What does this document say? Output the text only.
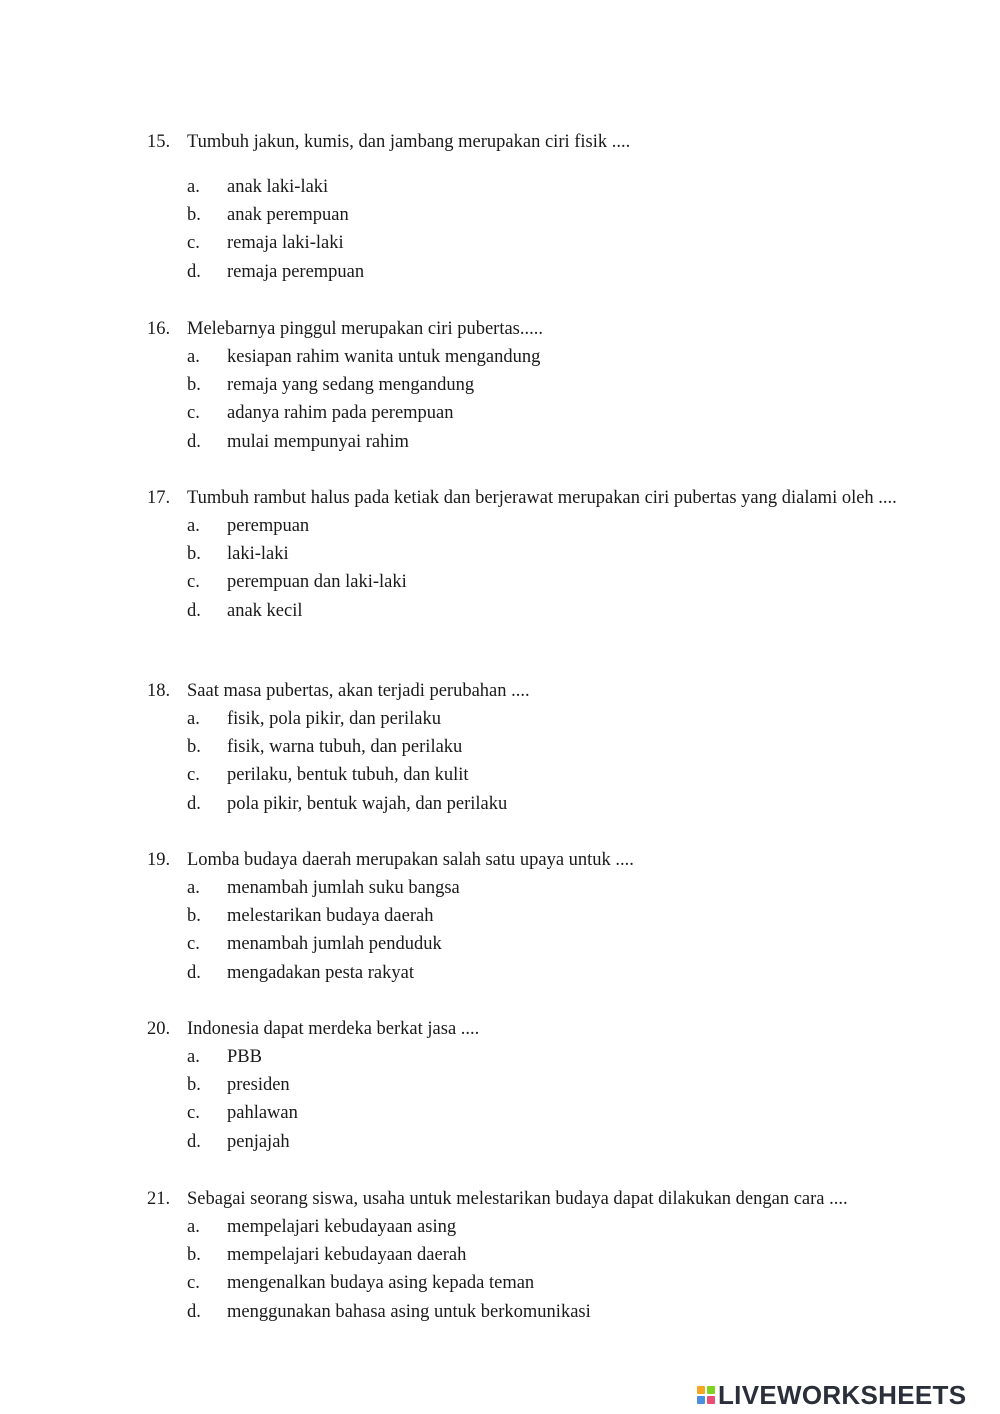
15. Tumbuh jakun, kumis, dan jambang merupakan ciri fisik ....
a. anak laki-laki
b. anak perempuan
c. remaja laki-laki
d. remaja perempuan
16. Melebarnya pinggul merupakan ciri pubertas.....
a. kesiapan rahim wanita untuk mengandung
b. remaja yang sedang mengandung
c. adanya rahim pada perempuan
d. mulai mempunyai rahim
17. Tumbuh rambut halus pada ketiak dan berjerawat merupakan ciri pubertas yang dialami oleh ....
a. perempuan
b. laki-laki
c. perempuan dan laki-laki
d. anak kecil
18. Saat masa pubertas, akan terjadi perubahan ....
a. fisik, pola pikir, dan perilaku
b. fisik, warna tubuh, dan perilaku
c. perilaku, bentuk tubuh, dan kulit
d. pola pikir, bentuk wajah, dan perilaku
19. Lomba budaya daerah merupakan salah satu upaya untuk ....
a. menambah jumlah suku bangsa
b. melestarikan budaya daerah
c. menambah jumlah penduduk
d. mengadakan pesta rakyat
20. Indonesia dapat merdeka berkat jasa ....
a. PBB
b. presiden
c. pahlawan
d. penjajah
21. Sebagai seorang siswa, usaha untuk melestarikan budaya dapat dilakukan dengan cara ....
a. mempelajari kebudayaan asing
b. mempelajari kebudayaan daerah
c. mengenalkan budaya asing kepada teman
d. menggunakan bahasa asing untuk berkomunikasi
LIVEWORKSHEETS
